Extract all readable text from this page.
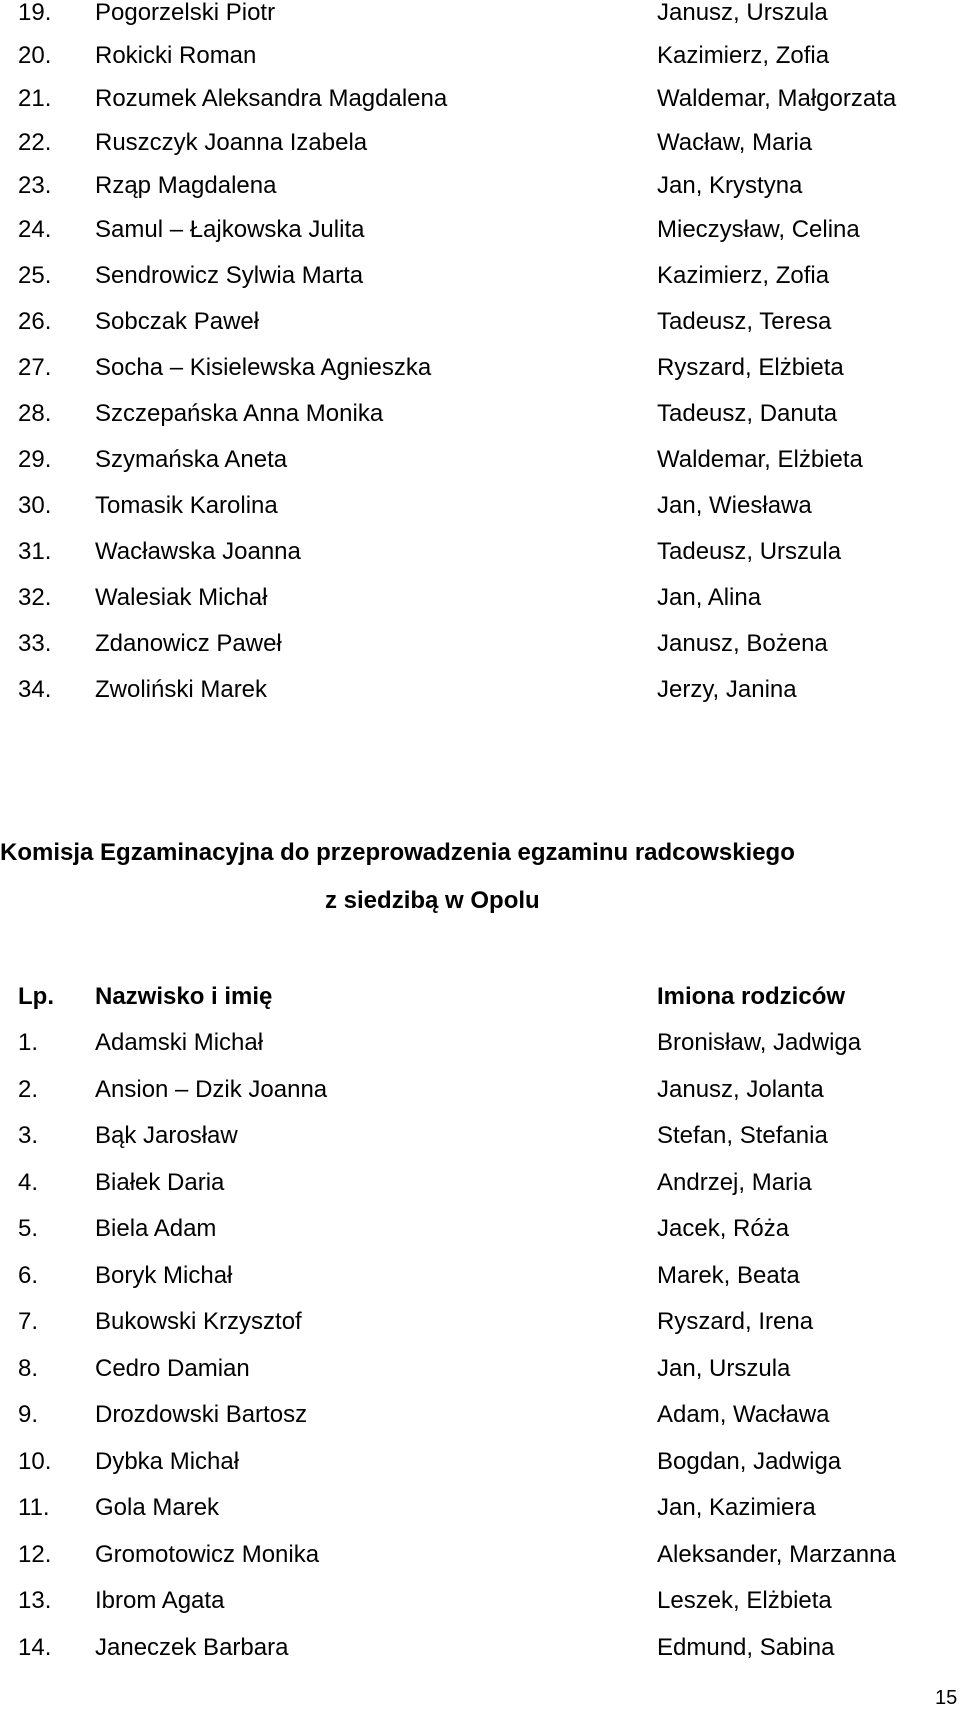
19. Pogorzelski Piotr	Janusz, Urszula
20. Rokicki Roman	Kazimierz, Zofia
21. Rozumek Aleksandra Magdalena	Waldemar, Małgorzata
22. Ruszczyk Joanna Izabela	Wacław, Maria
23. Rząp Magdalena	Jan, Krystyna
24. Samul – Łajkowska Julita	Mieczysław, Celina
25. Sendrowicz Sylwia Marta	Kazimierz, Zofia
26. Sobczak Paweł	Tadeusz, Teresa
27. Socha – Kisielewska Agnieszka	Ryszard, Elżbieta
28. Szczepańska Anna Monika	Tadeusz, Danuta
29. Szymańska Aneta	Waldemar, Elżbieta
30. Tomasik Karolina	Jan, Wiesława
31. Wacławska Joanna	Tadeusz, Urszula
32. Walesiak Michał	Jan, Alina
33. Zdanowicz Paweł	Janusz, Bożena
34. Zwoliński Marek	Jerzy, Janina
Komisja Egzaminacyjna do przeprowadzenia egzaminu radcowskiego
z siedzibą w Opolu
Lp. Nazwisko i imię	Imiona rodziców
1. Adamski Michał	Bronisław, Jadwiga
2. Ansion – Dzik Joanna	Janusz, Jolanta
3. Bąk Jarosław	Stefan, Stefania
4. Białek Daria	Andrzej, Maria
5. Biela Adam	Jacek, Róża
6. Boryk Michał	Marek, Beata
7. Bukowski Krzysztof	Ryszard, Irena
8. Cedro Damian	Jan, Urszula
9. Drozdowski Bartosz	Adam, Wacława
10. Dybka Michał	Bogdan, Jadwiga
11. Gola Marek	Jan, Kazimiera
12. Gromotowicz Monika	Aleksander, Marzanna
13. Ibrom Agata	Leszek, Elżbieta
14. Janeczek Barbara	Edmund, Sabina
15
